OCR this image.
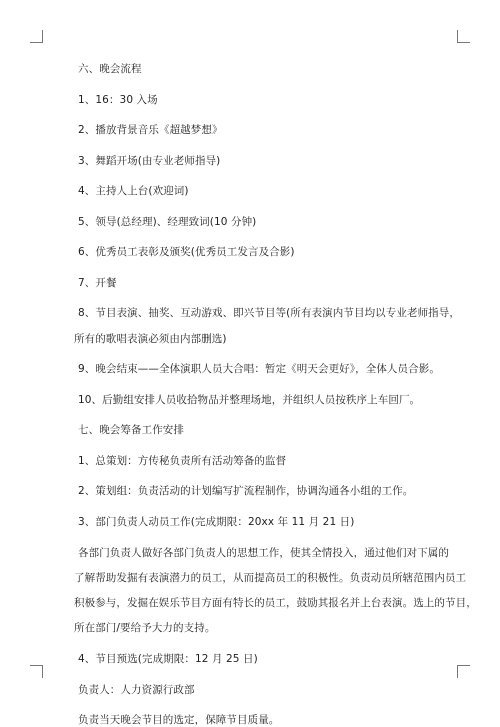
六、晚会流程
1、16：30 入场
2、播放背景音乐《超越梦想》
3、舞蹈开场(由专业老师指导)
4、主持人上台(欢迎词)
5、领导(总经理)、经理致词(10 分钟)
6、优秀员工表彰及颁奖(优秀员工发言及合影)
7、开餐
8、节目表演、抽奖、互动游戏、即兴节目等(所有表演内节目均以专业老师指导，
所有的歌唱表演必须由内部删选)
9、晚会结束——全体演职人员大合唱：暂定《明天会更好》，全体人员合影。
10、后勤组安排人员收拾物品并整理场地，并组织人员按秩序上车回厂。
七、晚会筹备工作安排
1、总策划：方传秘负责所有活动筹备的监督
2、策划组：负责活动的计划编写扩流程制作，协调沟通各小组的工作。
3、部门负责人动员工作(完成期限：20xx 年 11 月 21 日)
各部门负责人做好各部门负责人的思想工作，使其全情投入，通过他们对下属的
了解帮助发掘有表演潜力的员工，从而提高员工的积极性。负责动员所辖范围内员工
积极参与，发掘在娱乐节目方面有特长的员工，鼓励其报名并上台表演。选上的节目，
所在部门/要给予大力的支持。
4、节目预选(完成期限：12 月 25 日)
负责人：人力资源行政部
负责当天晚会节目的选定，保障节目质量。
